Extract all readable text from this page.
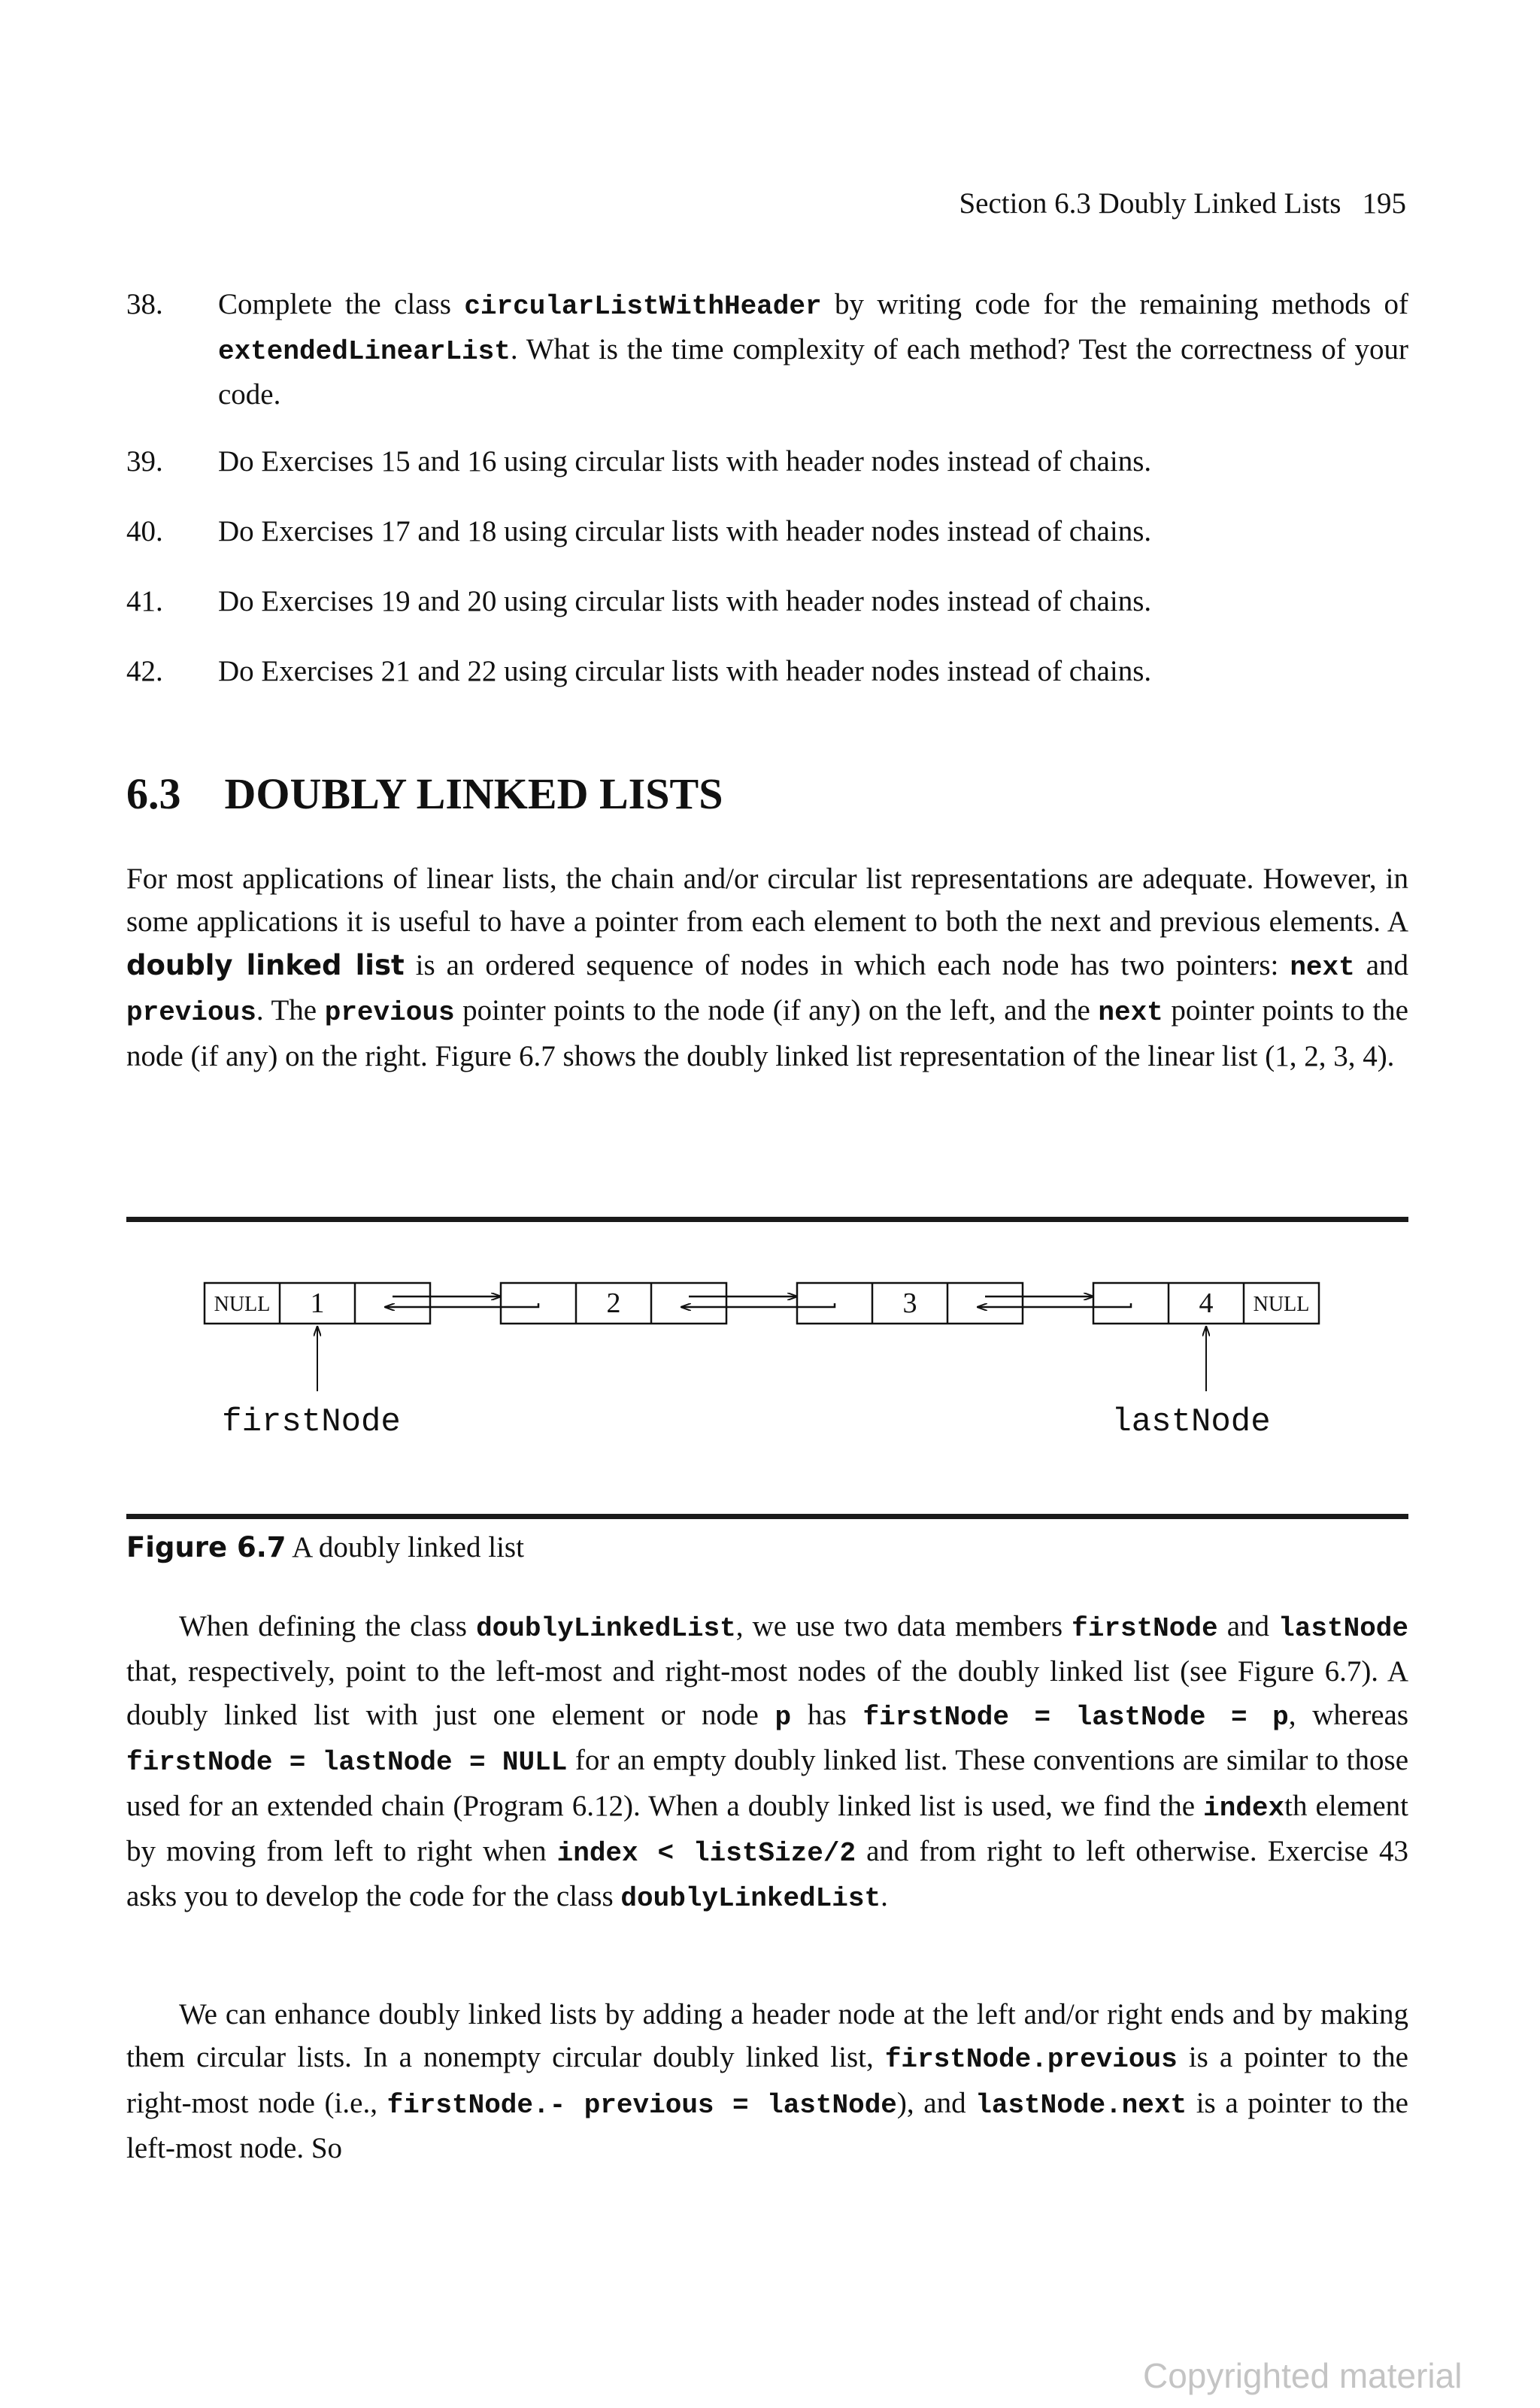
Section 6.3 Doubly Linked Lists 195
38.	Complete the class circularListWithHeader by writing code for the remaining methods of extendedLinearList. What is the time complexity of each method? Test the correctness of your code.
39.	Do Exercises 15 and 16 using circular lists with header nodes instead of chains.
40.	Do Exercises 17 and 18 using circular lists with header nodes instead of chains.
41.	Do Exercises 19 and 20 using circular lists with header nodes instead of chains.
42.	Do Exercises 21 and 22 using circular lists with header nodes instead of chains.
6.3 DOUBLY LINKED LISTS
For most applications of linear lists, the chain and/or circular list representations are adequate. However, in some applications it is useful to have a pointer from each element to both the next and previous elements. A doubly linked list is an ordered sequence of nodes in which each node has two pointers: next and previous. The previous pointer points to the node (if any) on the left, and the next pointer points to the node (if any) on the right. Figure 6.7 shows the doubly linked list representation of the linear list (1, 2, 3, 4).
1
NULL	2	3	4 NULL
firstNode	lastNode
Figure 6.7 A doubly linked list
When defining the class doublyLinkedList, we use two data members firstNode and lastNode that, respectively, point to the left-most and right-most nodes of the doubly linked list (see Figure 6.7). A doubly linked list with just one element or node p has firstNode = lastNode = p, whereas firstNode = lastNode = NULL for an empty doubly linked list. These conventions are similar to those used for an extended chain (Program 6.12). When a doubly linked list is used, we find the indexth element by moving from left to right when index < listSize/2 and from right to left otherwise. Exercise 43 asks you to develop the code for the class doublyLinkedList.
We can enhance doubly linked lists by adding a header node at the left and/or right ends and by making them circular lists. In a nonempty circular doubly linked list, firstNode.previous is a pointer to the right-most node (i.e., firstNode.- previous = lastNode), and lastNode.next is a pointer to the left-most node. So
Copyrighted material
